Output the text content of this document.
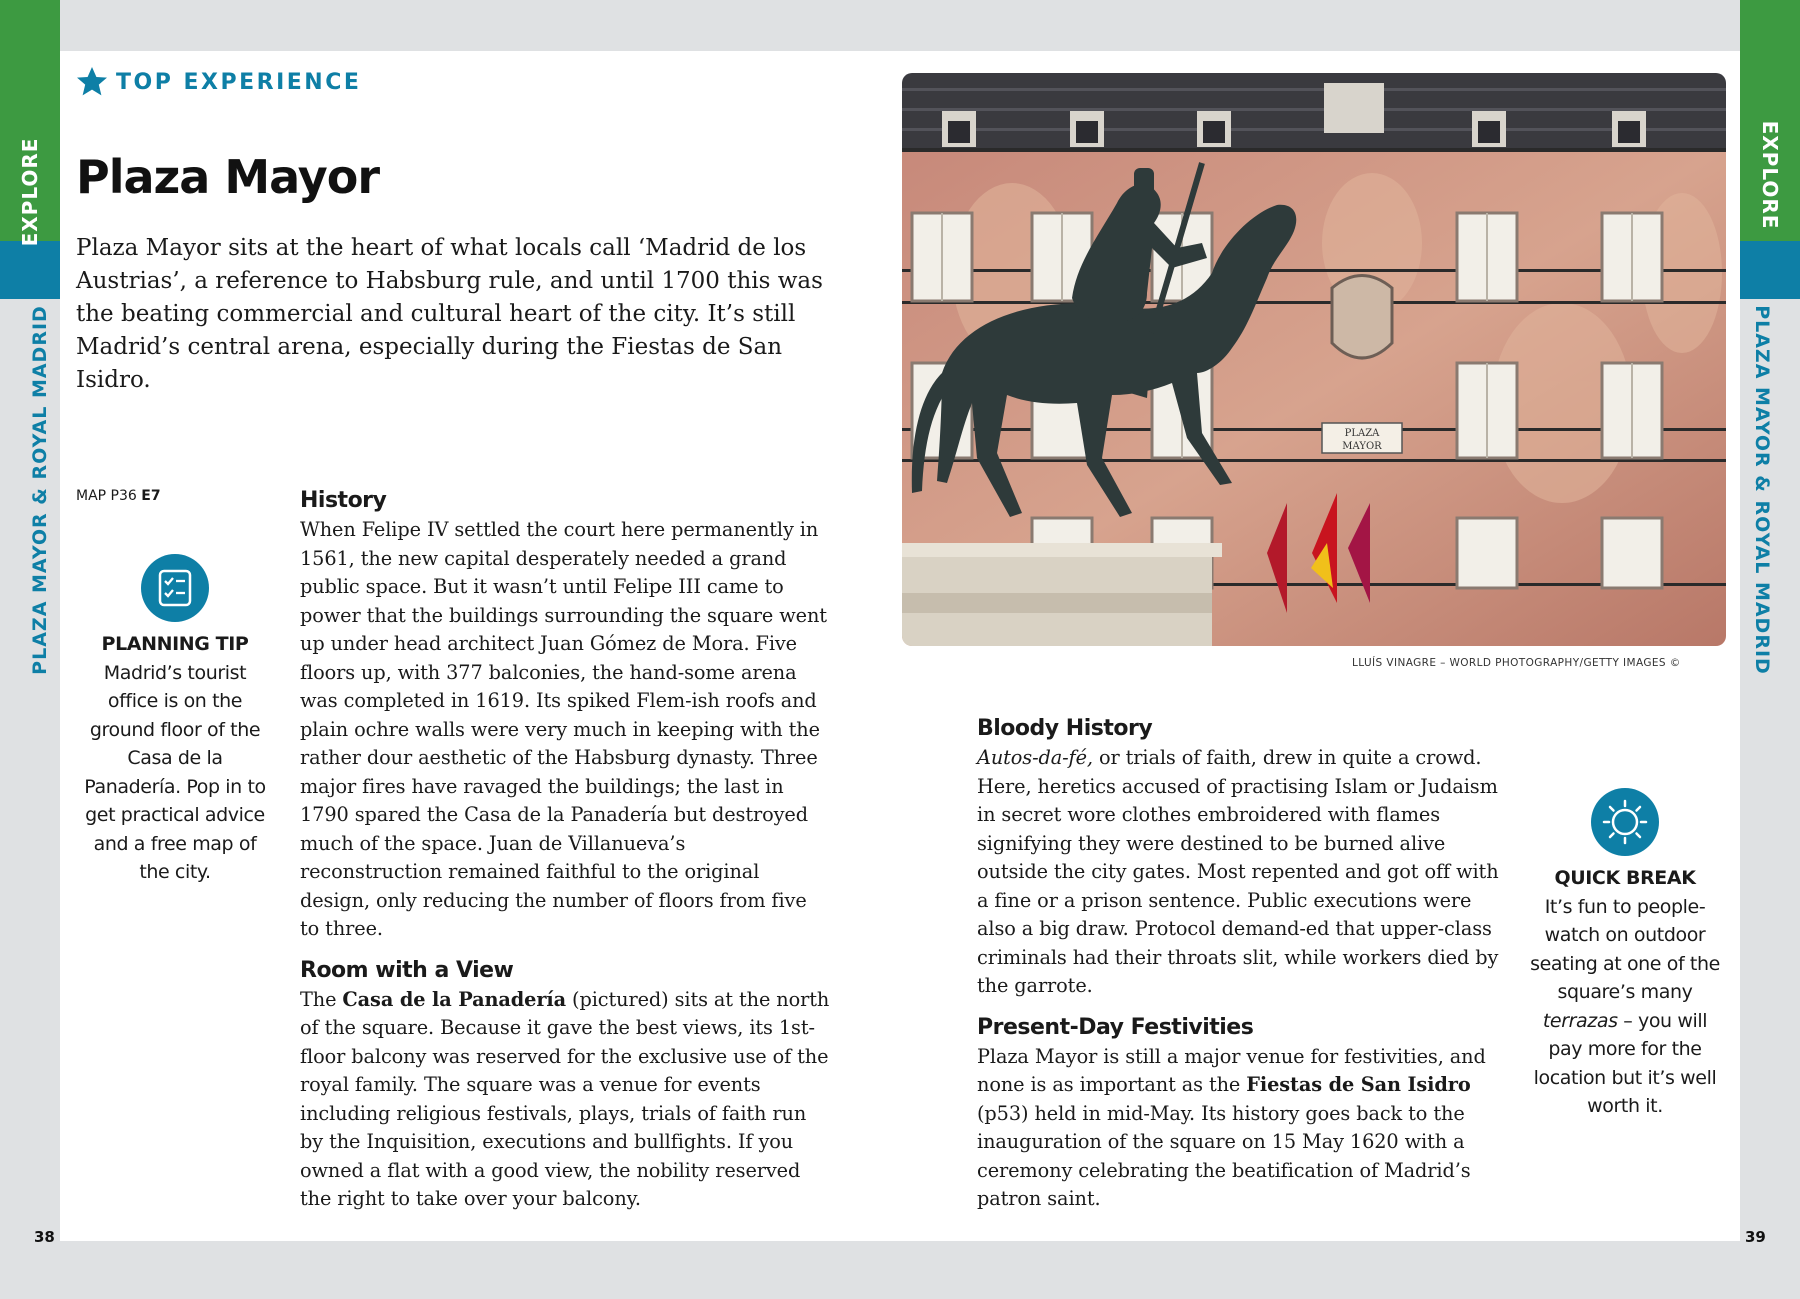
EXPLORE
PLAZA MAYOR & ROYAL MADRID
EXPLORE
PLAZA MAYOR & ROYAL MADRID
38	39
TOP EXPERIENCE
Plaza Mayor

Plaza Mayor sits at the heart of what locals call ‘Madrid de los Austrias’, a reference to Habsburg rule, and until 1700 this was the beating commercial and cultural heart of the city. It’s still Madrid’s central arena, especially during the Fiestas de San Isidro.

MAP P36 E7
PLANNING TIP
Madrid’s tourist office is on the ground floor of the Casa de la Panadería. Pop in to get practical advice and a free map of the city.
History

When Felipe IV settled the court here permanently in 1561, the new capital desperately needed a grand public space. But it wasn’t until Felipe III came to power that the buildings surrounding the square went up under head architect Juan Gómez de Mora. Five floors up, with 377 balconies, the hand-some arena was completed in 1619. Its spiked Flem-ish roofs and plain ochre walls were very much in keeping with the rather dour aesthetic of the Habsburg dynasty. Three major fires have ravaged the buildings; the last in 1790 spared the Casa de la Panadería but destroyed much of the space. Juan de Villanueva’s reconstruction remained faithful to the original design, only reducing the number of floors from five to three.

Room with a View

The Casa de la Panadería (pictured) sits at the north of the square. Because it gave the best views, its 1st-floor balcony was reserved for the exclusive use of the royal family. The square was a venue for events including religious festivals, plays, trials of faith run by the Inquisition, executions and bullfights. If you owned a flat with a good view, the nobility reserved the right to take over your balcony.

PLAZA
MAYOR
LLUÍS VINAGRE – WORLD PHOTOGRAPHY/GETTY IMAGES ©
Bloody History

Autos-da-fé, or trials of faith, drew in quite a crowd. Here, heretics accused of practising Islam or Judaism in secret wore clothes embroidered with flames signifying they were destined to be burned alive outside the city gates. Most repented and got off with a fine or a prison sentence. Public executions were also a big draw. Protocol demand-ed that upper-class criminals had their throats slit, while workers died by the garrote.

Present-Day Festivities

Plaza Mayor is still a major venue for festivities, and none is as important as the Fiestas de San Isidro (p53) held in mid-May. Its history goes back to the inauguration of the square on 15 May 1620 with a ceremony celebrating the beatification of Madrid’s patron saint.

QUICK BREAK
It’s fun to people-watch on outdoor seating at one of the square’s many terrazas – you will pay more for the location but it’s well worth it.
